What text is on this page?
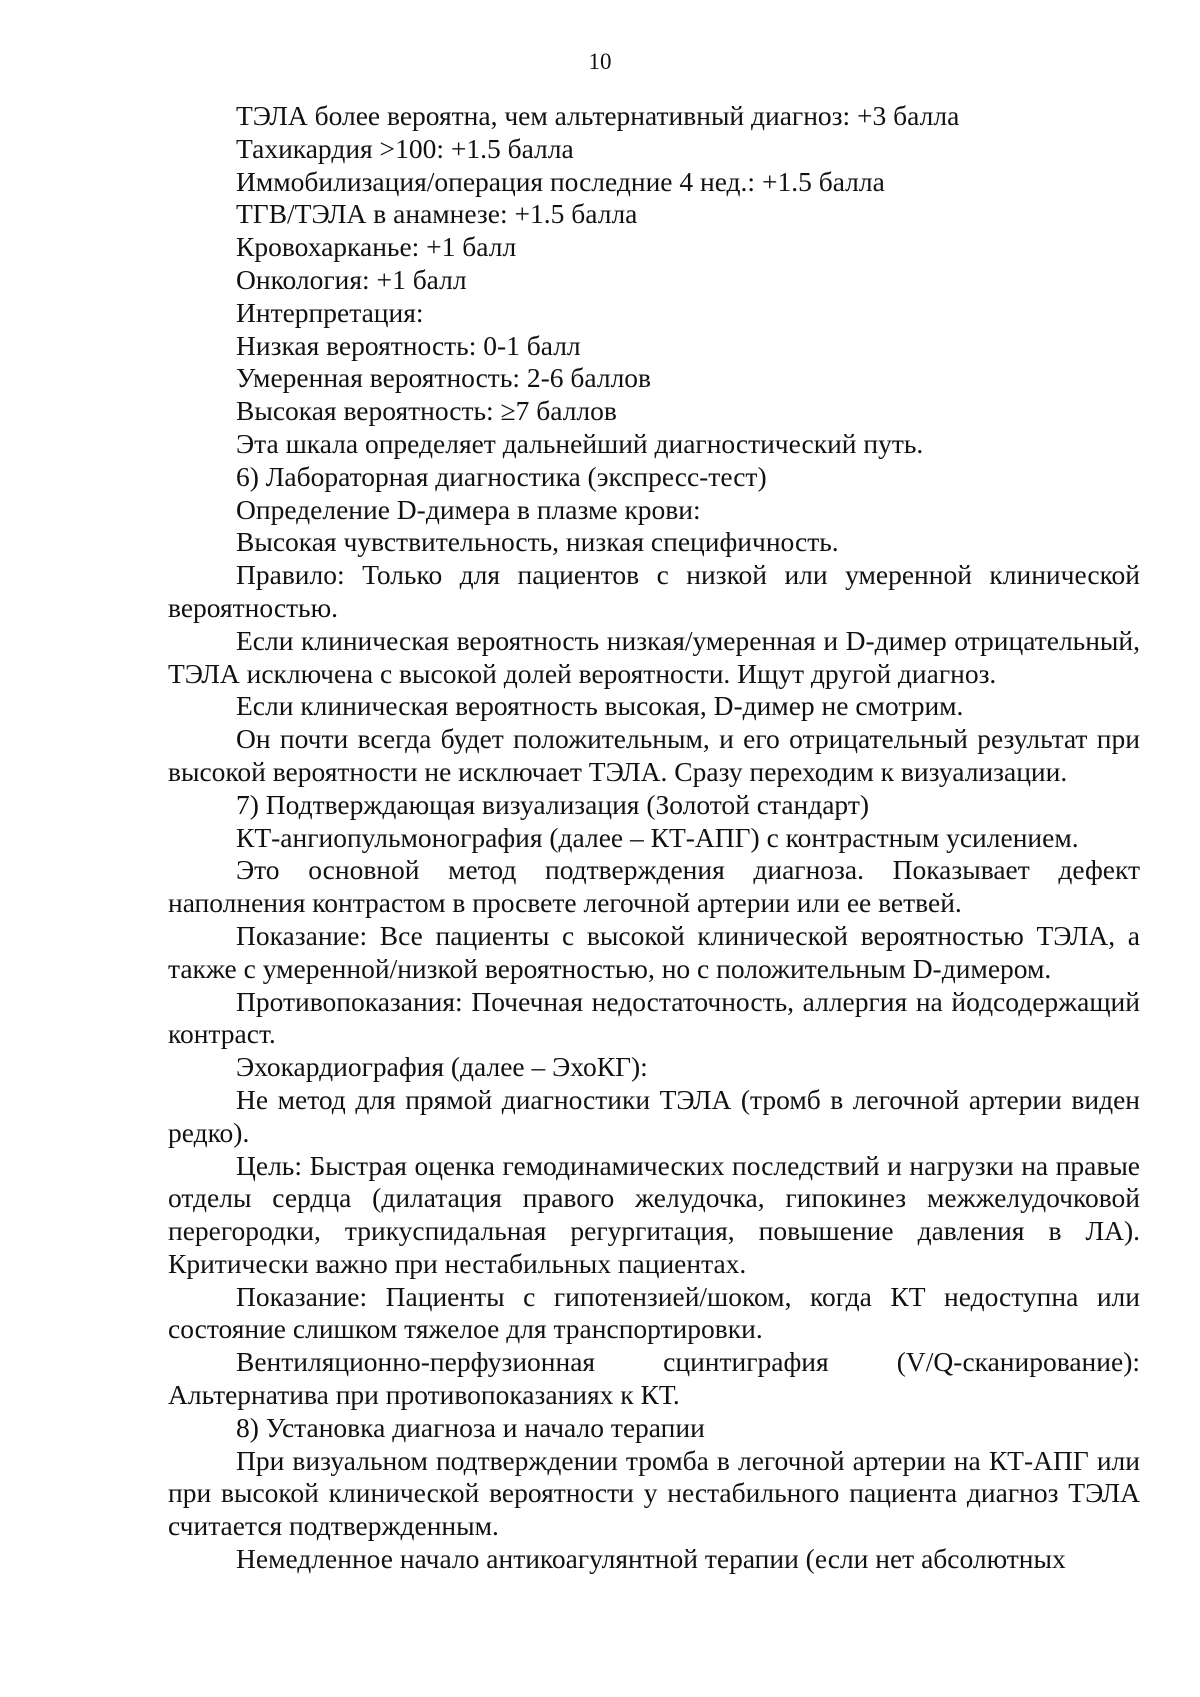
10

ТЭЛА более вероятна, чем альтернативный диагноз: +3 балла

Тахикардия >100: +1.5 балла

Иммобилизация/операция последние 4 нед.: +1.5 балла

ТГВ/ТЭЛА в анамнезе: +1.5 балла

Кровохарканье: +1 балл

Онкология: +1 балл

Интерпретация:

Низкая вероятность: 0-1 балл

Умеренная вероятность: 2-6 баллов

Высокая вероятность: ≥7 баллов

Эта шкала определяет дальнейший диагностический путь.

6) Лабораторная диагностика (экспресс-тест)

Определение D-димера в плазме крови:

Высокая чувствительность, низкая специфичность.

Правило: Только для пациентов с низкой или умеренной клинической вероятностью.

Если клиническая вероятность низкая/умеренная и D-димер отрицательный, ТЭЛА исключена с высокой долей вероятности. Ищут другой диагноз.

Если клиническая вероятность высокая, D-димер не смотрим.

Он почти всегда будет положительным, и его отрицательный результат при высокой вероятности не исключает ТЭЛА. Сразу переходим к визуализации.

7) Подтверждающая визуализация (Золотой стандарт)

КТ-ангиопульмонография (далее – КТ-АПГ) с контрастным усилением.

Это основной метод подтверждения диагноза. Показывает дефект наполнения контрастом в просвете легочной артерии или ее ветвей.

Показание: Все пациенты с высокой клинической вероятностью ТЭЛА, а также с умеренной/низкой вероятностью, но с положительным D-димером.

Противопоказания: Почечная недостаточность, аллергия на йодсодержащий контраст.

Эхокардиография (далее – ЭхоКГ):

Не метод для прямой диагностики ТЭЛА (тромб в легочной артерии виден редко).

Цель: Быстрая оценка гемодинамических последствий и нагрузки на правые отделы сердца (дилатация правого желудочка, гипокинез межжелудочковой перегородки, трикуспидальная регургитация, повышение давления в ЛА). Критически важно при нестабильных пациентах.

Показание: Пациенты с гипотензией/шоком, когда КТ недоступна или состояние слишком тяжелое для транспортировки.

Вентиляционно-перфузионная сцинтиграфия (V/Q-сканирование): Альтернатива при противопоказаниях к КТ.

8) Установка диагноза и начало терапии

При визуальном подтверждении тромба в легочной артерии на КТ-АПГ или при высокой клинической вероятности у нестабильного пациента диагноз ТЭЛА считается подтвержденным.

Немедленное начало антикоагулянтной терапии (если нет абсолютных
